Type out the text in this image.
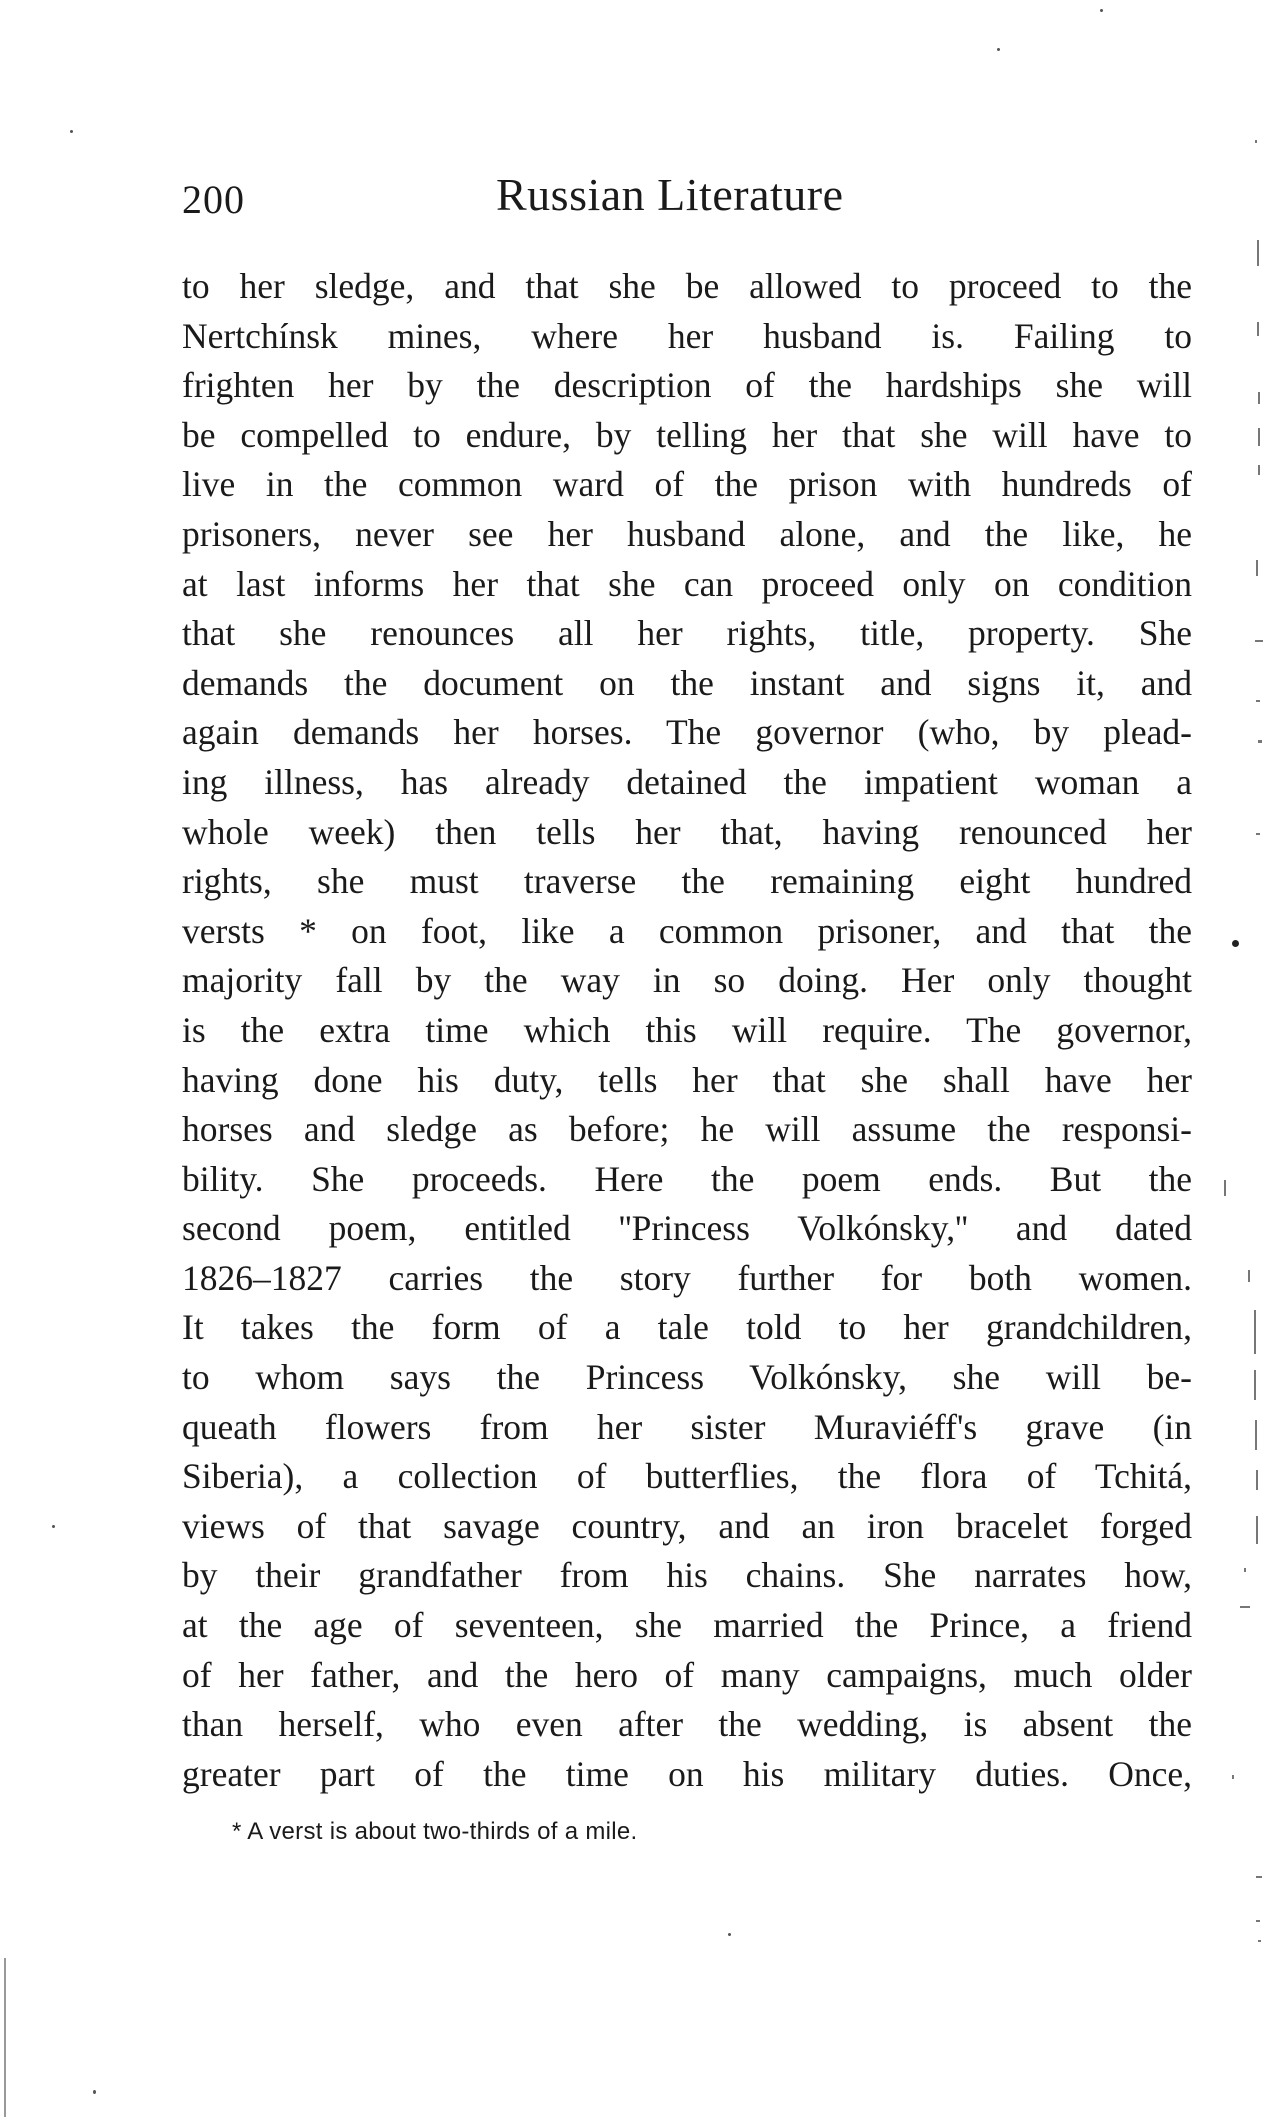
200	Russian Literature
to her sledge, and that she be allowed to proceed to the
Nertchínsk mines, where her husband is. Failing to
frighten her by the description of the hardships she will
be compelled to endure, by telling her that she will have to
live in the common ward of the prison with hundreds of
prisoners, never see her husband alone, and the like, he
at last informs her that she can proceed only on condition
that she renounces all her rights, title, property. She
demands the document on the instant and signs it, and
again demands her horses. The governor (who, by plead-
ing illness, has already detained the impatient woman a
whole week) then tells her that, having renounced her
rights, she must traverse the remaining eight hundred
versts * on foot, like a common prisoner, and that the
majority fall by the way in so doing. Her only thought
is the extra time which this will require. The governor,
having done his duty, tells her that she shall have her
horses and sledge as before; he will assume the responsi-
bility. She proceeds. Here the poem ends. But the
second poem, entitled ''Princess Volkónsky,'' and dated
1826–1827 carries the story further for both women.
It takes the form of a tale told to her grandchildren,
to whom says the Princess Volkónsky, she will be-
queath flowers from her sister Muraviéff's grave (in
Siberia), a collection of butterflies, the flora of Tchitá,
views of that savage country, and an iron bracelet forged
by their grandfather from his chains. She narrates how,
at the age of seventeen, she married the Prince, a friend
of her father, and the hero of many campaigns, much older
than herself, who even after the wedding, is absent the
greater part of the time on his military duties. Once,

* A verst is about two-thirds of a mile.
